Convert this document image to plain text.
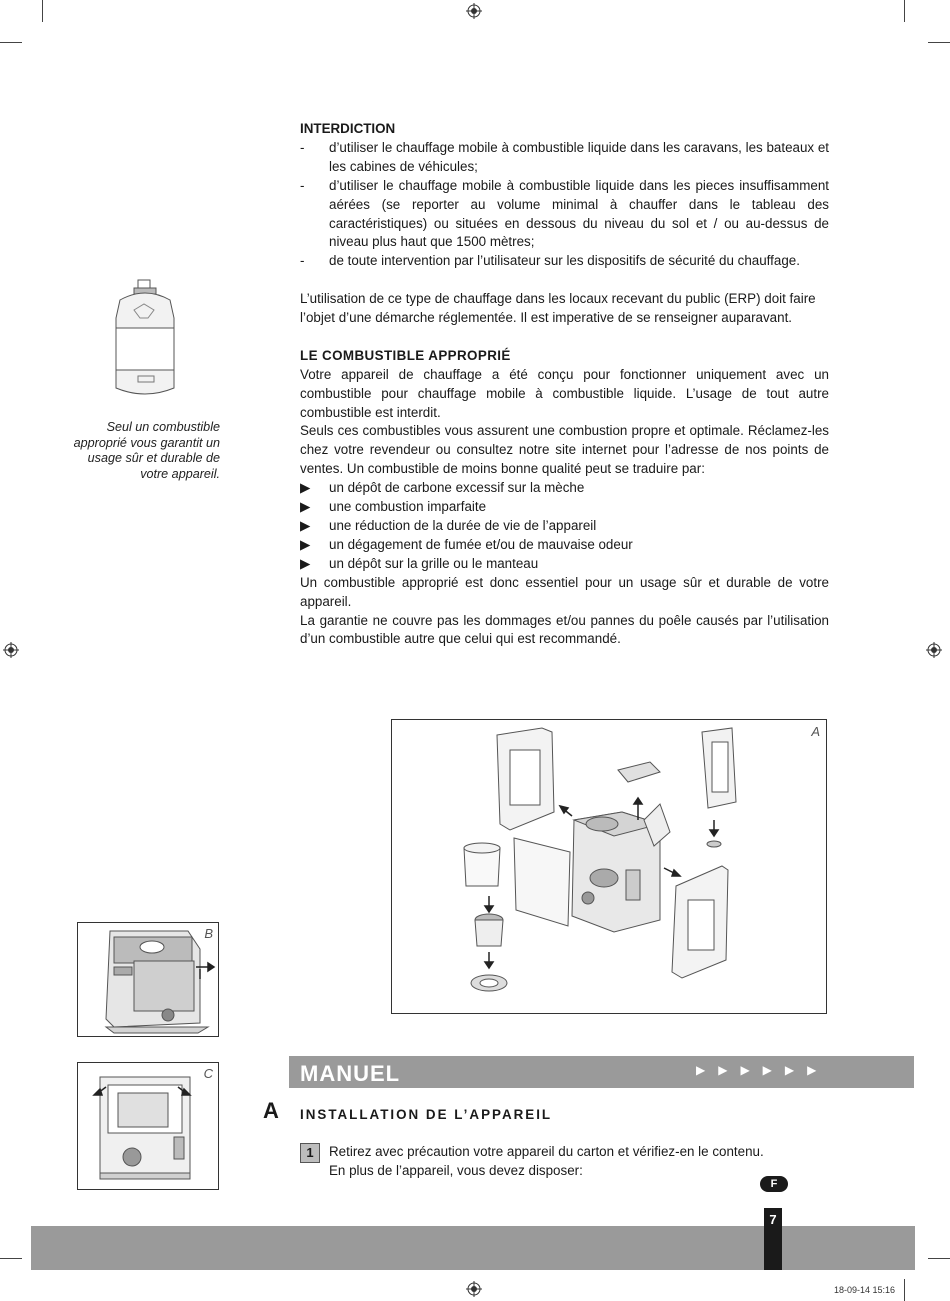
Seul un combustible approprié vous garantit un usage sûr et durable de votre appareil.
INTERDICTION
- d’utiliser le chauffage mobile à combustible liquide dans les caravans, les bateaux et les cabines de véhicules;
- d’utiliser le chauffage mobile à combustible liquide dans les pieces insuffisamment aérées (se reporter au volume minimal à chauffer dans le tableau des caractéristiques) ou situées en dessous du niveau du sol et / ou au-dessus de niveau plus haut que 1500 mètres;
- de toute intervention par l’utilisateur sur les dispositifs de sécurité du chauffage.

L’utilisation de ce type de chauffage dans les locaux recevant du public (ERP) doit faire l’objet d’une démarche réglementée. Il est imperative de se renseigner auparavant.

LE COMBUSTIBLE APPROPRIÉ

Votre appareil de chauffage a été conçu pour fonctionner uniquement avec un combustible pour chauffage mobile à combustible liquide. L’usage de tout autre combustible est interdit.

Seuls ces combustibles vous assurent une combustion propre et optimale. Réclamez-les chez votre revendeur ou consultez notre site internet pour l’adresse de nos points de ventes. Un combustible de moins bonne qualité peut se traduire par:

▶ un dépôt de carbone excessif sur la mèche
▶ une combustion imparfaite
▶ une réduction de la durée de vie de l’appareil
▶ un dégagement de fumée et/ou de mauvaise odeur
▶ un dépôt sur la grille ou le manteau

Un combustible approprié est donc essentiel pour un usage sûr et durable de votre appareil.

La garantie ne couvre pas les dommages et/ou pannes du poêle causés par l’utilisation d’un combustible autre que celui qui est recommandé.

A
B
C	MANUEL	▶▶▶▶▶▶
A INSTALLATION DE L’APPAREIL
1	Retirez avec précaution votre appareil du carton et vérifiez-en le contenu.
En plus de l’appareil, vous devez disposer:
F
7
18-09-14 15:16
